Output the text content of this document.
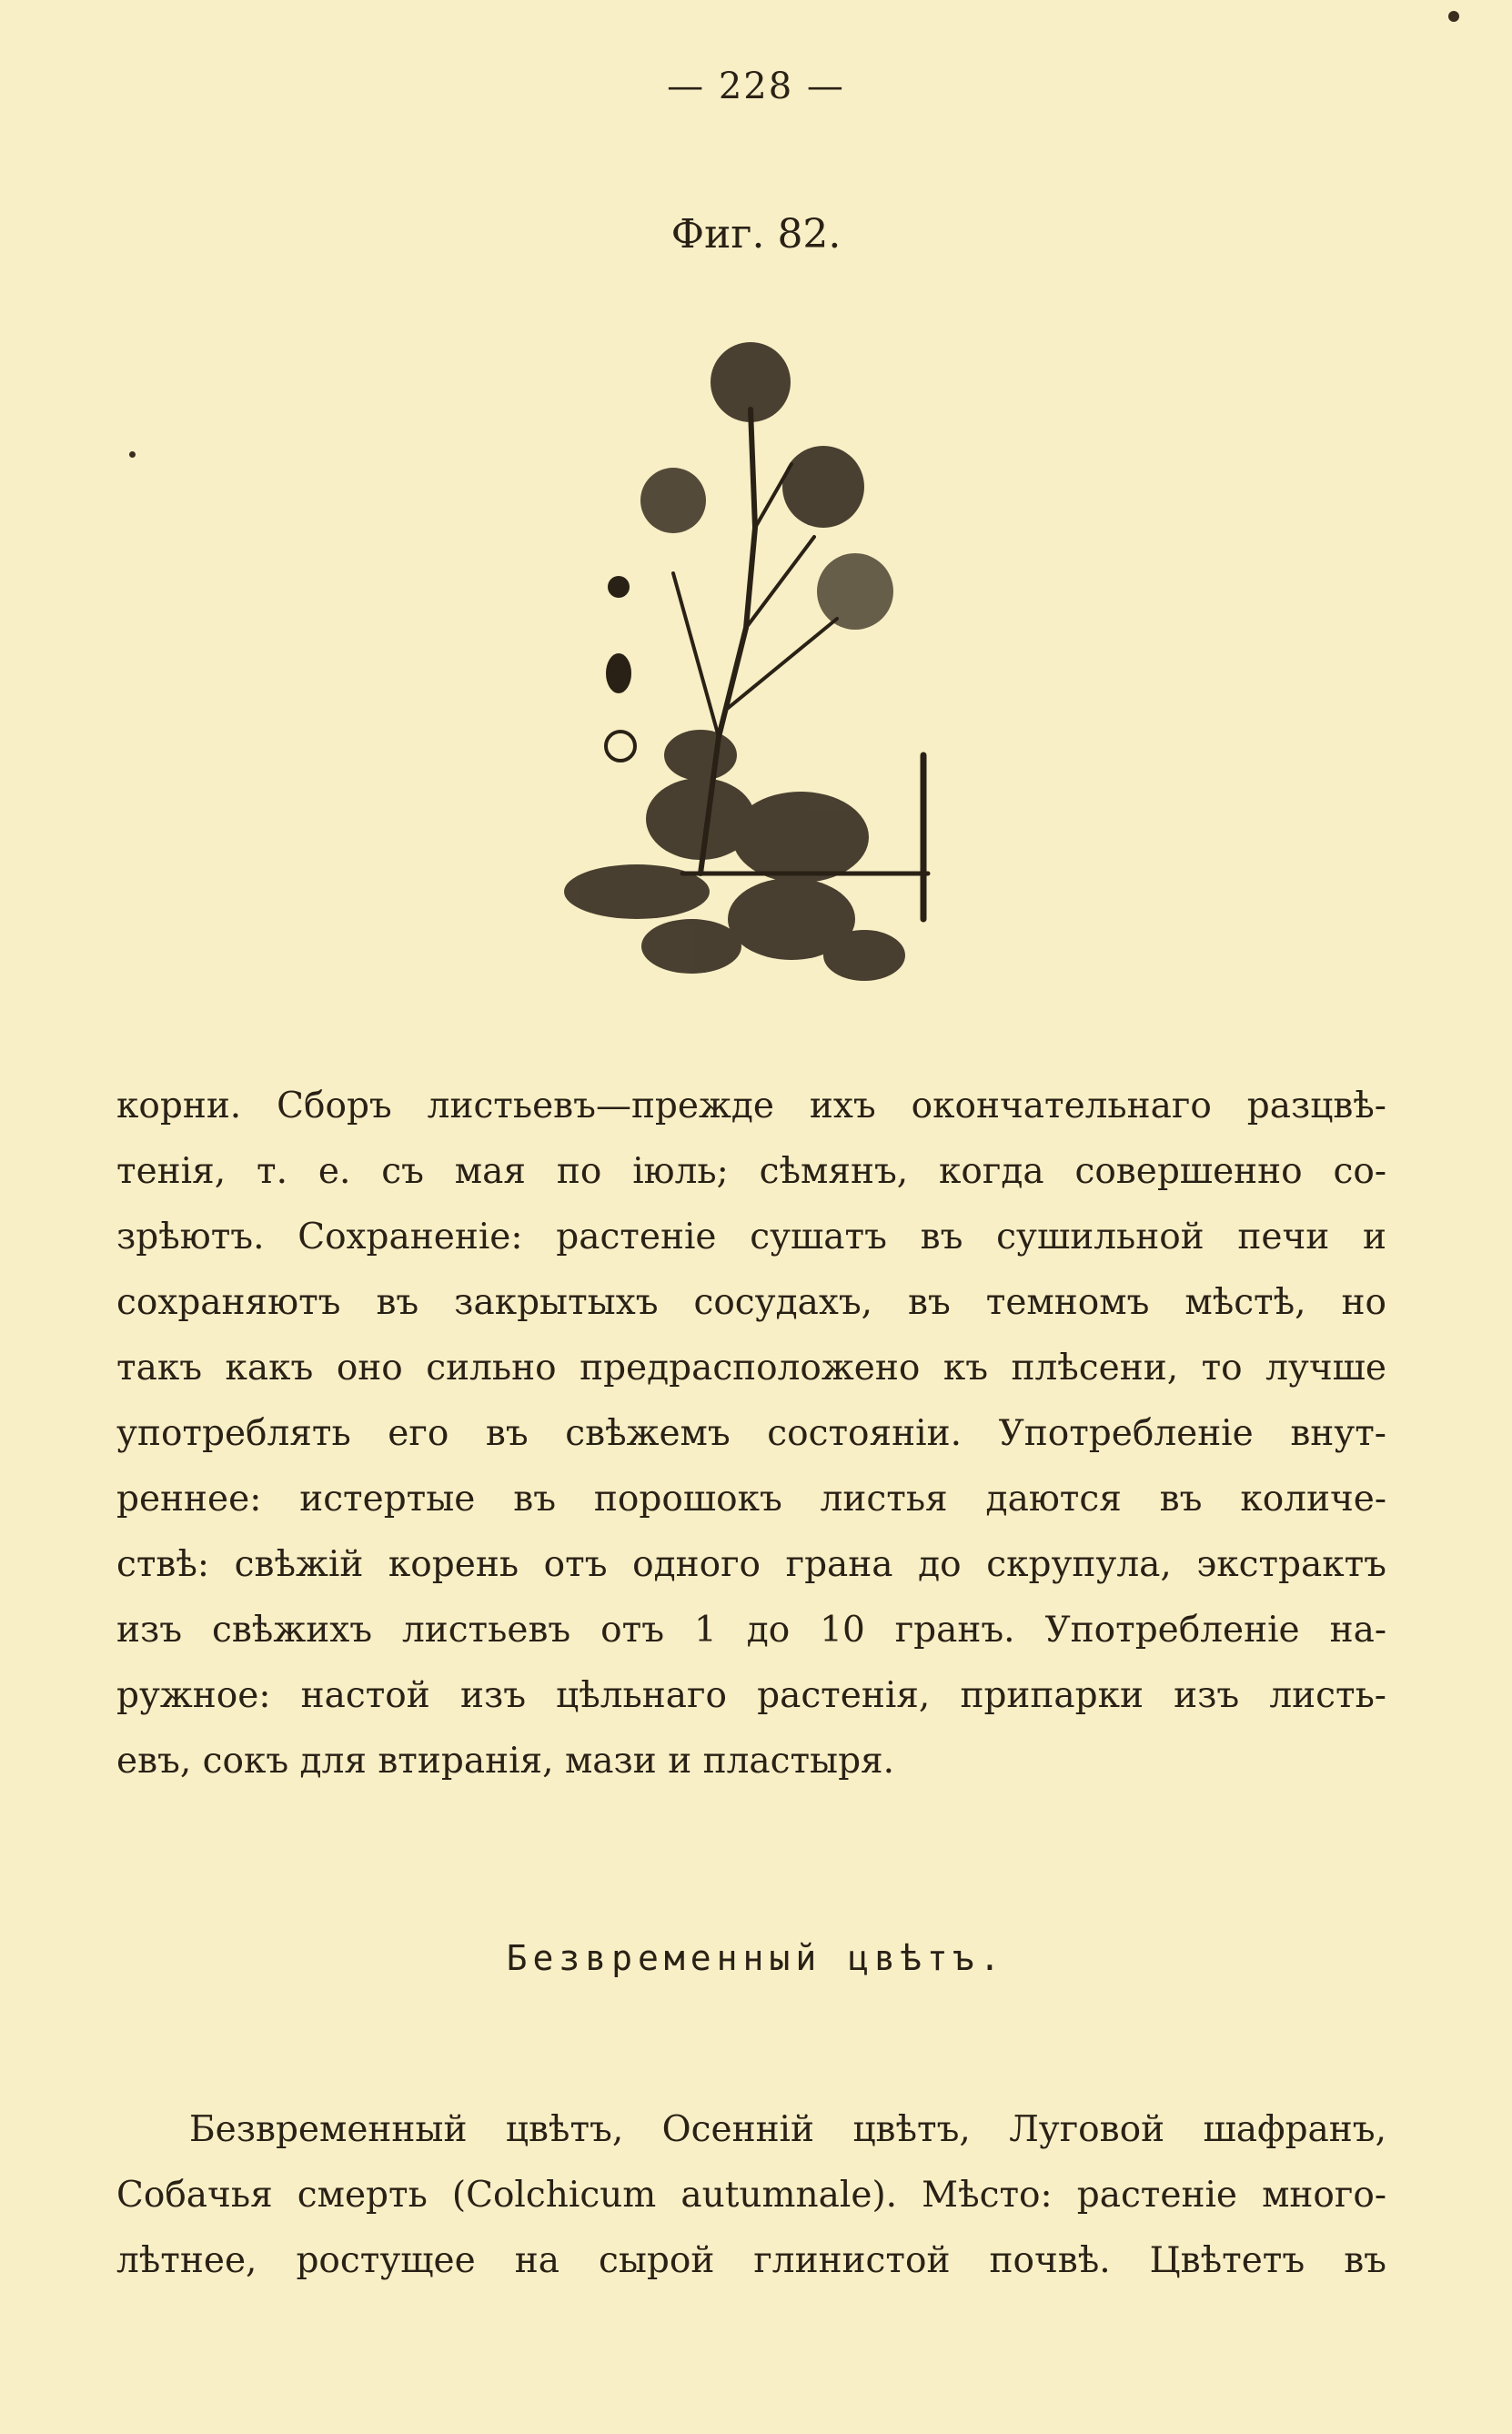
— 228 —
Фиг. 82.
корни. Сборъ листьевъ—прежде ихъ окончательнаго разцвѣ-
тенія, т. е. съ мая по іюль; сѣмянъ, когда совершенно со-
зрѣютъ. Сохраненіе: растеніе сушатъ въ сушильной печи и
сохраняютъ въ закрытыхъ сосудахъ, въ темномъ мѣстѣ, но
такъ какъ оно сильно предрасположено къ плѣсени, то лучше
употреблять его въ свѣжемъ состояніи. Употребленіе внут-
реннее: истертые въ порошокъ листья даются въ количе-
ствѣ: свѣжій корень отъ одного грана до скрупула, экстрактъ
изъ свѣжихъ листьевъ отъ 1 до 10 гранъ. Употребленіе на-
ружное: настой изъ цѣльнаго растенія, припарки изъ листь-
евъ, сокъ для втиранія, мази и пластыря.
Безвременный цвѣтъ.
Безвременный цвѣтъ, Осенній цвѣтъ, Луговой шафранъ,
Собачья смерть (Colchicum autumnale). Мѣсто: растеніе много-
лѣтнее, ростущее на сырой глинистой почвѣ. Цвѣтетъ въ
